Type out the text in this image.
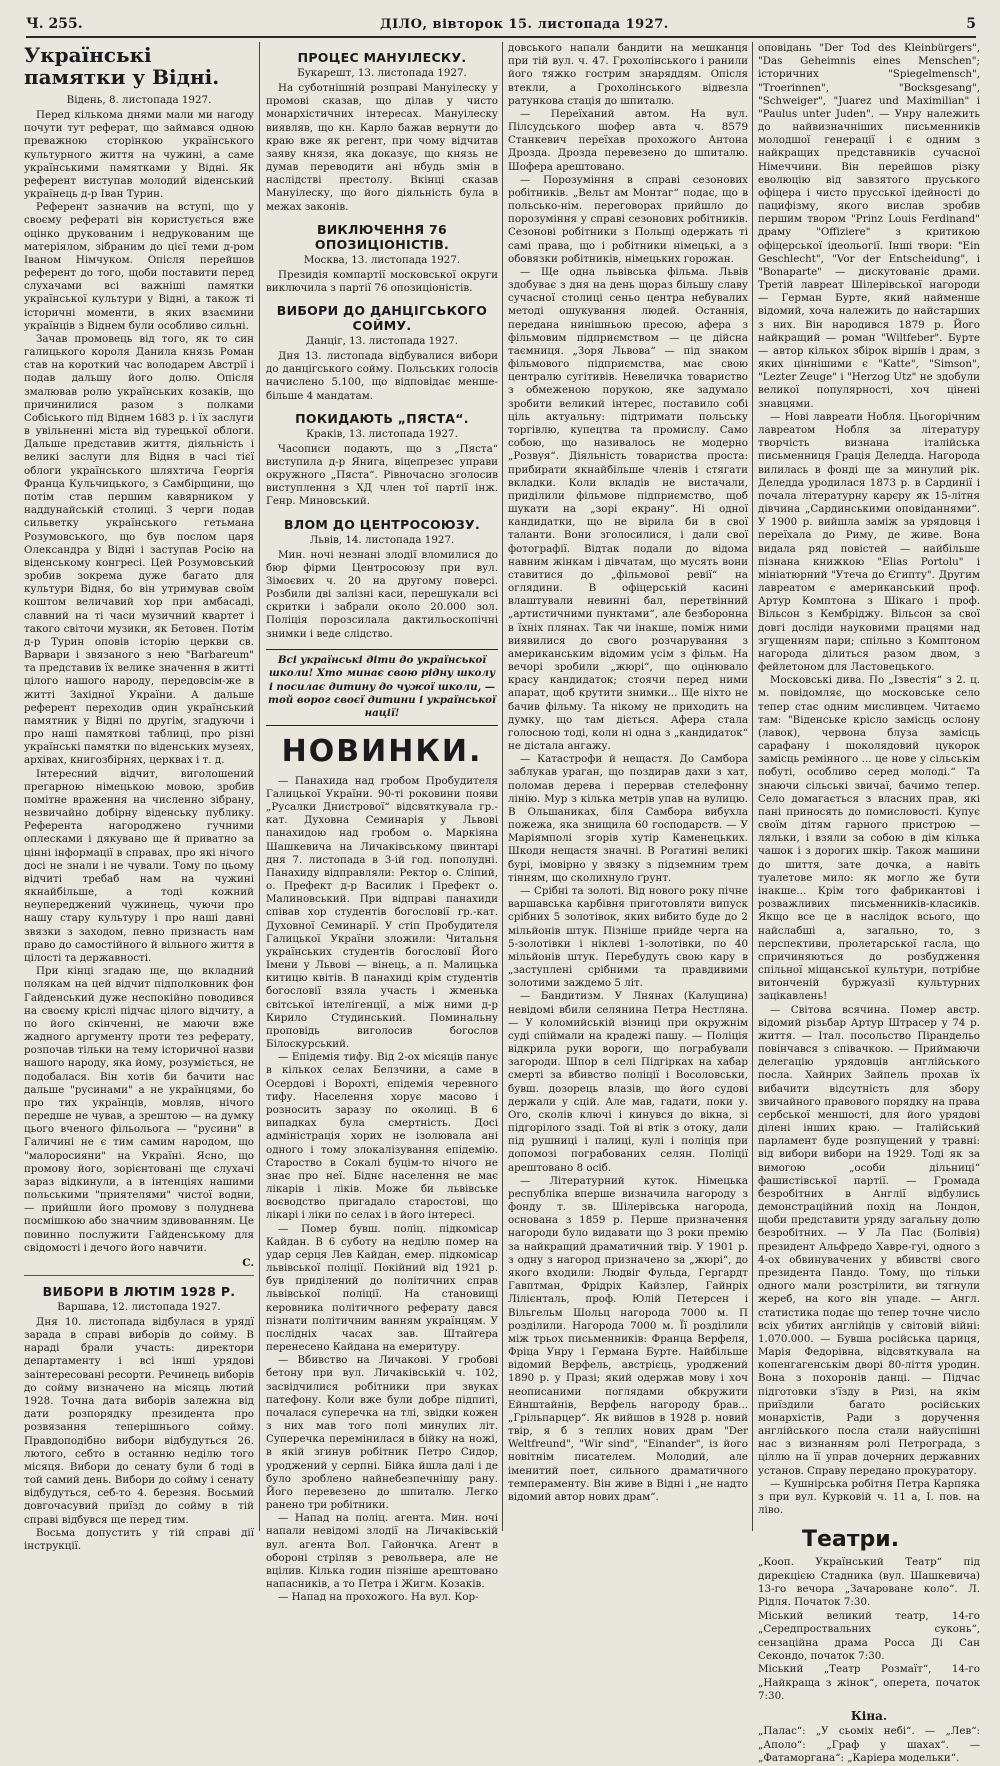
Ч. 255.	ДІЛО, вівторок 15. листопада 1927.	5
Українські памятки у Відні.
Відень, 8. листопада 1927.

Перед кількома днями мали ми нагоду почути тут реферат, що займався одною преважною сторінкою українського культурного життя на чужині, а саме українськими памятками у Відні. Як референт виступав молодий віденський українець д-р Іван Турин.

Референт зазначив на вступі, що у своєму рефераті він користується вже оцінко друкованим і недрукованим ще матеріялом, зібраним до цієї теми д-ром Іваном Німчуком. Опісля перейшов референт до того, щоби поставити перед слухачами всі важніші памятки української культури у Відні, а також ті історичні моменти, в яких взаємини українців з Віднем були особливо сильні.

Зачав промовець від того, як то син галицького короля Данила князь Роман став на короткий час володарем Австрії і подав дальшу його долю. Опісля змалював ролю українських козаків, що причинилися разом з полками Собіського під Віднем 1683 р. і їх заслуги в увільненні міста від турецької облоги. Дальше представив життя, діяльність і великі заслуги для Відня в часі тієї облоги українського шляхтича Георгія Франца Кульчицького, з Самбірщини, що потім став першим кавярником у наддунайській столиці. З черги подав сильветку українського гетьмана Розумовського, що був послом царя Олександра у Відні і заступав Росію на віденському конгресі. Цей Розумовський зробив зокрема дуже багато для культури Відня, бо він утримував своїм коштом величавий хор при амбасаді, славний на ті часи музичний квартет і такого світочи музики, як Бетовен. Потім д-р Турин оповів історію церкви св. Варвари і звязаного з нею "Barbareum" та представив їх велике значення в житті цілого нашого народу, передовсім-же в житті Західної України. А дальше референт переходив один український памятник у Відні по другім, згадуючи і про наші памяткові таблиці, про різні українські памятки по віденських музеях, архівах, книгозбірнях, церквах і т. д.

Інтересний відчит, виголошений прегарною німецькою мовою, зробив помітне враження на численно зібрану, незвичайно добірну віденську публику. Референта нагороджено гучними оплесками і дякувано ще й приватно за цінні інформації в справах, про які нічого досі не знали і не чували. Тому по цьому відчиті требаб нам на чужині якнайбільше, а тоді кожний неупереджений чужинець, чуючи про нашу стару культуру і про наші давні звязки з заходом, певно признасть нам право до самостійного й вільного життя в цілості та державності.

При кінці згадаю ще, що вкладний полякам на цей відчит підполковник фон Гайденський дуже неспокійно поводився на своєму кріслі підчас цілого відчиту, а по його скінченні, не маючи вже жадного аргументу проти тез реферату, розпочав тільки на тему історичної назви нашого народу, яка йому, розуміється, не подобалася. Він хотів би бачити нас дальше "русинами" а не українцями, бо про тих українців, мовляв, нічого передше не чував, а зрештою — на думку цього вченого фільольога — "русини" в Галичині не є тим самим народом, що "малоросияни" на Україні. Ясно, що промову його, зорієнтовані ще слухачі зараз відкинули, а в інтенціях нашими польськими "приятелями" чистої водни, — прийшли його промову з полуднева посмішкою або значним здивованням. Це повинно послужити Гайденському для свідомості і дечого його навчити.

С.
ВИБОРИ В ЛЮТІМ 1928 Р.
Варшава, 12. листопада 1927.

Дня 10. листопада відбулася в урядї зарада в справі виборів до сойму. В нараді брали участь: директори департаменту і всі інші урядові заінтересовані ресорти. Речинець виборів до сойму визначено на місяць лютий 1928. Точна дата виборів залежна від дати розпорядку президента про розвязання теперішнього сойму. Правдоподібно вибори відбудуться 26. лютого, себто в останню неділю того місяця. Вибори до сенату були б тоді в той самий день. Вибори до сойму і сенату відбудуться, себ-то 4. березня. Восьмий довгочасувий приїзд до сойму в тій справі відбувся ще перед тим.

Восьма допустить у тій справі дії інструкції.

ПРОЦЕС МАНУІЛЕСКУ.
Букарешт, 13. листопада 1927.

На суботнішній розправі Мануілеску у промові сказав, що ділав у чисто монархістичних інтересах. Мануілеску виявляв, що кн. Карло бажав вернути до краю вже як регент, при чому відчитав заяву князя, яка доказує, що князь не думав переводити ані нбудь змін в наслідстві престолу. Вкінці сказав Мануілеску, що його діяльність була в межах законів.

ВИКЛЮЧЕННЯ 76 ОПОЗИЦІОНІСТІВ.
Москва, 13. листопада 1927.

Президія компартії московської округи виключила з партії 76 опозиціоністів.

ВИБОРИ ДО ДАНЦІГСЬКОГО СОЙМУ.
Данціг, 13. листопада 1927.

Дня 13. листопада відбувалися вибори до данцігського сойму. Польських голосів начислено 5.100, що відповідає менше-більше 4 мандатам.

ПОКИДАЮТЬ „ПЯСТА“.
Краків, 13. листопада 1927.

Часописи подають, що з „Пяста“ виступила д-р Янига, віцепрезес управи окружного „Пяста“. Рівночасно зголосив виступлення з ХД член тої партії інж. Генр. Миновський.

ВЛОМ ДО ЦЕНТРОСОЮЗУ.
Львів, 14. листопада 1927.

Мин. ночі незнані злодії вломилися до бюр фірми Центросоюзу при вул. Зімоєвих ч. 20 на другому поверсі. Розбили дві залізні каси, перешукали всі скритки і забрали около 20.000 зол. Поліція порозсилала дактильоскопічні знимки і веде слідство.

Всі українські діти до української школи! Хто минає свою рідну школу і посилає дитину до чужої школи, — той ворог своєї дитини і української нації!
НОВИНКИ.

— Панахида над гробом Пробудителя Галицької України. 90-ті роковини появи „Русалки Днистрової“ відсвяткувала гр.-кат. Духовна Семинарія у Львові панахидою над гробом о. Маркіяна Шашкевича на Личаківському цвинтарі дня 7. листопада в 3-ій год. пополудні. Панахиду відправляли: Ректор о. Сліпий, о. Префект д-р Василик і Префект о. Малиновський. При відправі панахиди співав хор студентів богословії гр.-кат. Духовної Семинарії. У стіп Пробудителя Галицької України зложили: Читальня українських студентів богословії Його Імени у Львові — вінець, а п. Малицька китицю квітів. В панахиді крім студентів богословії взяла участь і жменька світської інтелігенції, а між ними д-р Кирило Студинський. Поминальну проповідь виголосив богослов Білоскурський.

— Епідемія тифу. Від 2-ох місяців панує в кількох селах Белзчини, а саме в Осердові і Ворохті, епідемія черевного тифу. Населення хорує масово і розносить заразу по околиці. В 6 випадках була смертність. Досі адміністрація хорих не ізолювала ані одного і тому злокалізування епідемію. Староство в Сокалі буцім-то нічого не знає про неї. Біднє населення не має лікарів і ліків. Може би львівське воєводство пригадало старостові, що лікарі і ліки по селах і в його інтересі.

— Помер бувш. поліц. підкомісар Кайдан. В 6 суботу на неділю помер на удар серця Лев Кайдан, емер. підкомісар львівської поліції. Покійний від 1921 р. був приділений до політичних справ львівської поліції. На становищі керовника політичного реферату дався пізнати політичним ванням українцям. У послідніх часах зав. Штайгера перенесено Кайдана на емеритуру.

— Вбивство на Личакові. У гробові бетону при вул. Личаківській ч. 102, засвідчилися робітники при звуках патефону. Коли вже були добре підпиті, почалася суперечка на тлі, звідки кожен з них мав того полі минулих літ. Суперечка перемінилася в бійку на ножі, в якій згинув робітник Петро Сидор, уроджений у серпні. Бійка йшла далі і де було зроблено найнебезпечнішу рану. Його перевезено до шпиталю. Легко ранено три робітники.

— Напад на поліц. агента. Мин. ночі напали невідомі злодії на Личаківській вул. агента Вол. Гайончка. Агент в обороні стріляв з револьвера, але не вцілив. Кілька годин пізніше арештовано напасників, а то Петра і Жигм. Козаків.

— Напад на прохожого. На вул. Кор-

довського напали бандити на мешканця при тій вул. ч. 47. Грохолінського і ранили його тяжко гострим знаряддям. Опісля втекли, а Грохолінського відвезла ратункова стація до шпиталю.

— Переїханий автом. На вул. Пілсудського шофер авта ч. 8579 Станкевич переїхав прохожого Антона Дрозда. Дрозда перевезено до шпиталю. Шофера арештовано.

— Порозуміння в справі сезонових робітників. „Вельт ам Монтаг“ подає, що в польсько-нім. переговорах прийшло до порозуміння у справі сезонових робітників. Сезонові робітники з Польщі одержать ті самі права, що і робітники німецькі, а з обовязки робітників, німецьких горожан.

— Ще одна львівська фільма. Львів здобуває з дня на день щораз більшу славу сучасної столиці сеньо центра небувалих методі ошукування людей. Останнія, передана нинішньою пресою, афера з фільмовим підприємством — це дійсна таємниця. „Зоря Львова“ — під знаком фільмового підприємства, має свою централю сугітивів. Невеличка товариство з обмеженою порукою, яке задумало зробити великий інтерес, поставило собі ціль актуальну: підтримати польську торгівлю, купецтва та промислу. Само собою, що називалось не модерно „Розвуя“. Діяльність товариства проста: прибирати якнайбільше членів і стягати вкладки. Коли вкладів не вистачали, приділили фільмове підприємство, щоб шукати на „зорі екрану“. Ні одної кандидатки, що не вірила би в свої таланти. Вони зголосилися, і дали свої фотографії. Відтак подали до відома навним жінкам і дівчатам, що мусять вони ставитися до „фільмової ревії“ на оглядини. В офіцерській касині влаштували невинні бал, перетвінний „артистичними пунктами“, але безборонна в їхніх плянах. Так чи інакше, поміж ними виявилися до свого розчарування з американським відомим усім з фільм. На вечорі зробили „жюрі“, що оцінювало красу кандидаток; стоячи перед ними апарат, щоб крутити знимки... Ще ніхто не бачив фільму. Та нікому не приходить на думку, що там діється. Афера стала голосною тоді, коли ні одна з „кандидаток“ не дістала ангажу.

— Катастрофи й нещастя. До Самбора заблукав ураган, що поздирав дахи з хат, поломав дерева і перервав стелефонну лінію. Мур з кілька метрів упав на вулицю. В Ольшаниках, біля Самбора вибухла пожежа, яка знищила 60 господарств. — У Маріямполі згорів хутір Каменецьких. Шкоди нещастя значні. В Рогатині великі бурі, імовірно у звязку з підземним трем тінням, що сколихнуло ґрунт.

— Срібні та золоті. Від нового року пічне варшавська карбівня приготовляти випуск срібних 5 золотівок, яких вибито буде до 2 мільйонів штук. Пізніше прийде черга на 5-золотівки і ніклеві 1-золотівки, по 40 мільйонів штук. Перебудуть свою кару в „заступлені срібними та правдивими золотими заждемо 5 літ.

— Бандитизм. У Лнянах (Калущина) невідомі вбили селянина Петра Нестляна. — У коломийській візниці при окружнім суді спіймали на крадежі пашу. — Поліція відкрила руки вороги, що пограбували загороди. Шпор в селі Підгірках на хабар смерті за вбивство поліції і Восоловськи, бувш. дозорець влазів, що його судові держали у сцій. Але мав, гадати, поки у. Ого, сколів ключі і кинувся до вікна, зі підгорілого ззаді. Той ві втік з отоку, дали під рушниці і палиці, кулі і поліція при допомозі пограбованих селян. Поліції арештовано 8 осіб.

— Літературний куток. Німецька республіка вперше визначила нагороду з фонду т. зв. Шілерівська нагорода, основана з 1859 р. Перше призначення нагороди було видавати що 3 роки премію за найкращий драматичний твір. У 1901 р. з одну з нагород призначено за „жюрі“, до якого входили: Людвіг Фульда, Гергардт Гавптман, Фрідріх Кайзлер, Гайнріх Лілієнталь, проф. Юлій Петерсен і Вільгельм Шольц нагорода 7000 м. П розділили. Нагорода 7000 м. Її розділили між трьох письменників: Франца Верфеля, Фріца Унру і Германа Бурте. Найбільше відомий Верфель, австрієць, уроджений 1890 р. у Празі; який одержав мову і хоч неописаними поглядами обкружити Ейнштайнів, Верфель нагороду брав... „Грільпарцер“. Як вийшов в 1928 р. новий твір, я б з теплих нових драм "Der Weltfreund", "Wir sind", "Einander", із його новітнім писателем. Молодий, але іменитий поет, сильного драматичного темпераменту. Він живе в Відні і „не надто відомий автор нових драм“.

оповідань "Der Tod des Kleinbürgers", "Das Geheimnis eines Menschen"; історичних "Spiegelmensch", "Troerinnen", "Bocksgesang", "Schweiger", "Juarez und Maximilian" і "Paulus unter Juden". — Унру належить до найвизначніших письменників молодшої генерації і є одним з найкращих представників сучасної Німеччини. Він перейшов різку еволюцію від завзятого пруського офіцера і чисто прусської ідейності до пацифізму, якого вислав зробив першим твором "Prinz Louis Ferdinand" драму "Offiziere" з критикою офіцерської ідеольогії. Інші твори: "Ein Geschlecht", "Vor der Entscheidung", і "Bonaparte" — дискутованіє драми. Третій лавреат Шілерівської нагороди — Герман Бурте, який найменше відомий, хоча належить до найстарших з них. Він народився 1879 р. Його найкращий — роман "Wiltfeber". Бурте — автор кількох збірок віршів і драм, з яких ціннішими є "Katte", "Simson", "Lezter Zeuge" і "Herzog Utz" не здобули великої популярності, хоч цінені знавцями.

— Нові лавреати Нобля. Цьогорічним лавреатом Нобля за літературу творчість визнана італійська письменниця Грація Деледда. Нагорода вилилась в фонді ще за минулий рік. Деледда уродилася 1873 р. в Сардинії і почала літературну карєру як 15-літня дівчина „Сардинськими оповіданнями“. У 1900 р. вийшла заміж за урядовця і переїхала до Риму, де живе. Вона видала ряд повістей — найбільше пізнана книжкою "Elias Portolu" і мініатюрний "Утеча до Єгипту". Другим лавреатом є американський проф. Артур Комптона з Шікаго і проф. Вільсон з Кембріджу. Вільсон за свої довгі досліди науковими працями над згущенням пари; спільно з Комптоном нагорода ділиться разом двом, з фейлетоном для Ластовецького.

Московські дива. По „Ізвестія“ з 2. ц. м. повідомляє, що московське село тепер стає одним мисливцем. Читаємо там: "Віденське крісло замісць ослону (лавок), червона блуза замісць сарафану і шоколядовий цукорок замісць ремінного ... це нове у сільськім побуті, особливо серед молоді.“ Та знаючи сільські звичаї, бачимо тепер. Село домагається з власних прав, які пані приносять до помисловості. Купує своїм дітям гарного пристрою — ляльки, і взяли за собою в дім кілька чашок і з дорогих шкір. Також машини до шиття, зате дочка, а навіть туалетове мило: як могло же бути інакше... Крім того фабрикантові і розважливих письменників-класиків. Якщо все це в наслідок всього, що найслабші а, загально, то, з перспективи, пролетарської гасла, що спричиняються до розбудження спільної міщанської культури, потрібне витонченій буржуазії культурних зацікавлень!

— Світова всячина. Помер австр. відомий різьбар Артур Штрасер у 74 р. життя. — Італ. посольство Пірандельо повінчався з співачкою. — Приймаючи делегацію урядовців англійського посла. Хайнрих Зайпель прохав їх вибачити відсутність для збору звичайного правового порядку на права сербської меншості, для його урядові ділені інших краю. — Італійський парламент буде розпущений у травні: від вибори вибори на 1929. Тоді як за вимогою „особи дільниці“ фашистівської партії. — Громада безробітних в Англії відбулись демонстраційний похід на Лондон, щоби представити уряду загальну долю безробітних. — У Ла Пас (Болівія) президент Альфредо Хавре-гуі, одного з 4-ох обвинувачених у вбивстві свого президента Пандо. Тому, що тільки одного мали розстрілити, ви тягнули жереб, на кого він упаде. — Англ. статистика подає що тепер точне число всіх убитих англійців у світовій війні: 1.070.000. — Бувша російська цариця, Марія Федорівна, відсвяткувала на копенгагенськім дворі 80-ліття уродин. Вона з похоронів данці. — Підчас підготовки з'їзду в Ризі, на якім приїздили багато російських монархістів, Ради з доручення англійського посла стали найуспішні нас з визнанням ролі Петрограда, з ціллю на її управ дочерних державних установ. Справу передано прокуратору.

— Кушнірська робітня Петра Карпяка з при вул. Курковій ч. 11 a, I. пов. на ліво.

Театри.

„Кооп. Український Театр“ під дирекцією Стадника (вул. Шашкевича) 13-го вечора „Зачароване коло“. Л. Рідля. Початок 7:30.

Міський великий театр, 14-го „Середпроствальних суконь“, сензаційна драма Росса Ді Сан Секондо, початок 7:30.

Міський „Театр Розмаїт“, 14-го „Найкраща з жінок“, оперета, початок 7:30.

Кіна.

„Палас“: „У сьоміх небі“. — „Лев“: „Аполо“: „Граф у шахах“. — „Фатаморгана“: „Каріера модельки“.
